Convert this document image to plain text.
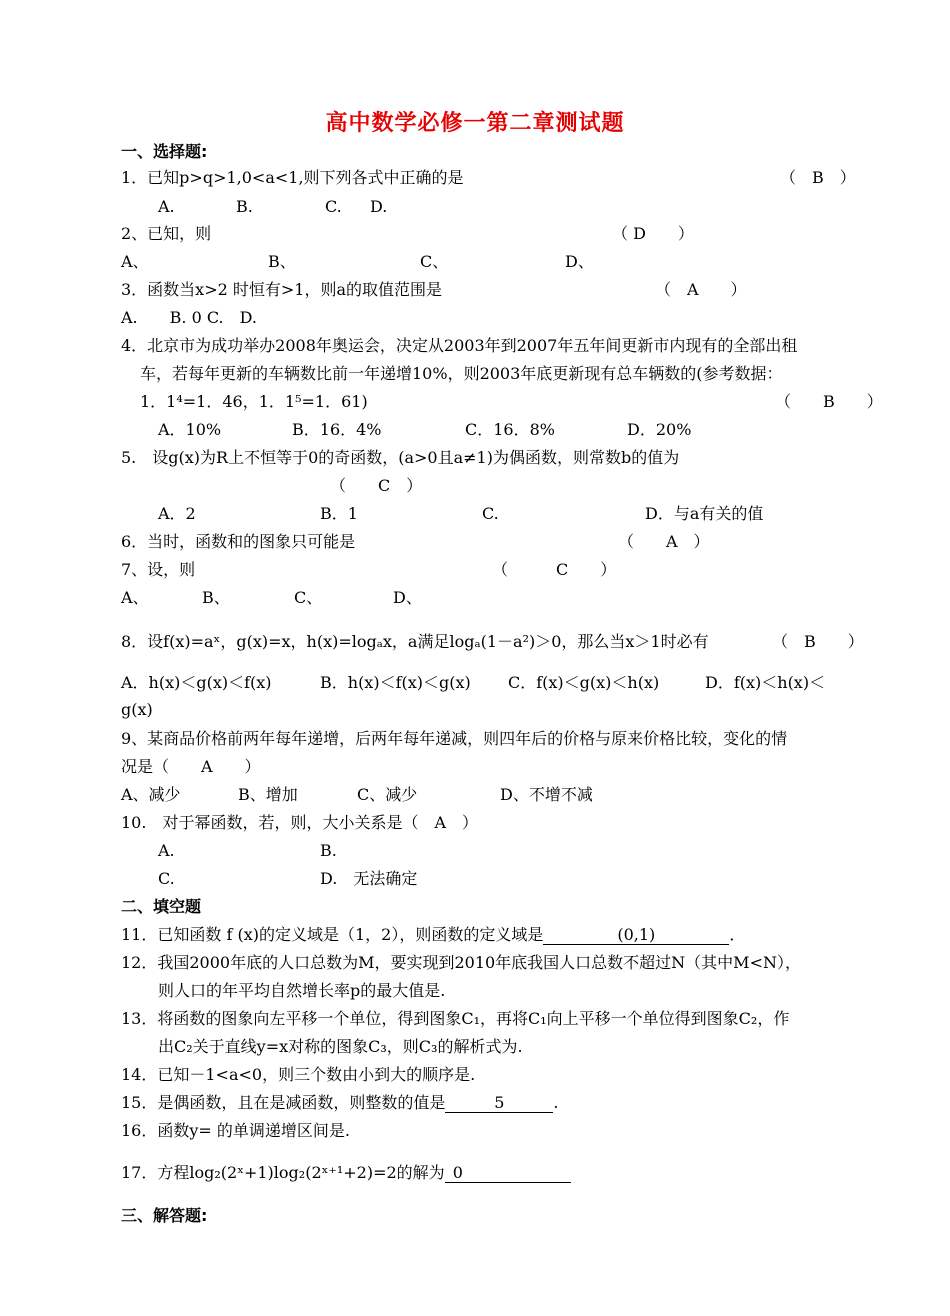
高中数学必修一第二章测试题
一、选择题:
1．已知p>q>1,0<a<1,则下列各式中正确的是	（　B　）
A.	B.	C. D.
2、已知，则	（ D　　）
A、	B、	C、	D、
3．函数当x>2 时恒有>1，则a的取值范围是	（　A　　）
A.　　B. 0 C.　D.
4．北京市为成功举办2008年奥运会，决定从2003年到2007年五年间更新市内现有的全部出租
车，若每年更新的车辆数比前一年递增10%，则2003年底更新现有总车辆数的(参考数据：
1．1⁴=1．46，1．1⁵=1．61)	（　　B　　）
A．10%	B．16．4%	C．16．8%	D．20%
5.　设g(x)为R上不恒等于0的奇函数，(a>0且a≠1)为偶函数，则常数b的值为
（　　C　）
A．2	B．1	C.	D．与a有关的值
6．当时，函数和的图象只可能是	（　　A　）
7、设，则	（　　　C　　）
A、	B、	C、	D、
8．设f(x)=aˣ，g(x)=x，h(x)=logₐx，a满足logₐ(1－a²)＞0，那么当x＞1时必有	（　B　　）
A．h(x)＜g(x)＜f(x)	B．h(x)＜f(x)＜g(x) C．f(x)＜g(x)＜h(x)	D．f(x)＜h(x)＜
g(x)
9、某商品价格前两年每年递增，后两年每年递减，则四年后的价格与原来价格比较，变化的情
况是（　　A　　）
A、减少	B、增加	C、减少	D、不增不减
10.　对于幂函数，若，则，大小关系是（　A　）
A.	B.
C.	D.　无法确定
二、填空题
11．已知函数 f (x)的定义域是（1，2），则函数的定义域是	(0,1)	．
12．我国2000年底的人口总数为M，要实现到2010年底我国人口总数不超过N（其中M<N），
则人口的年平均自然增长率p的最大值是.
13．将函数的图象向左平移一个单位，得到图象C₁，再将C₁向上平移一个单位得到图象C₂，作
出C₂关于直线y=x对称的图象C₃，则C₃的解析式为.
14．已知－1<a<0，则三个数由小到大的顺序是.
15．是偶函数，且在是减函数，则整数的值是	5	.
16．函数y= 的单调递增区间是.
17．方程log₂(2ˣ+1)log₂(2ˣ⁺¹+2)=2的解为 0
三、解答题:
